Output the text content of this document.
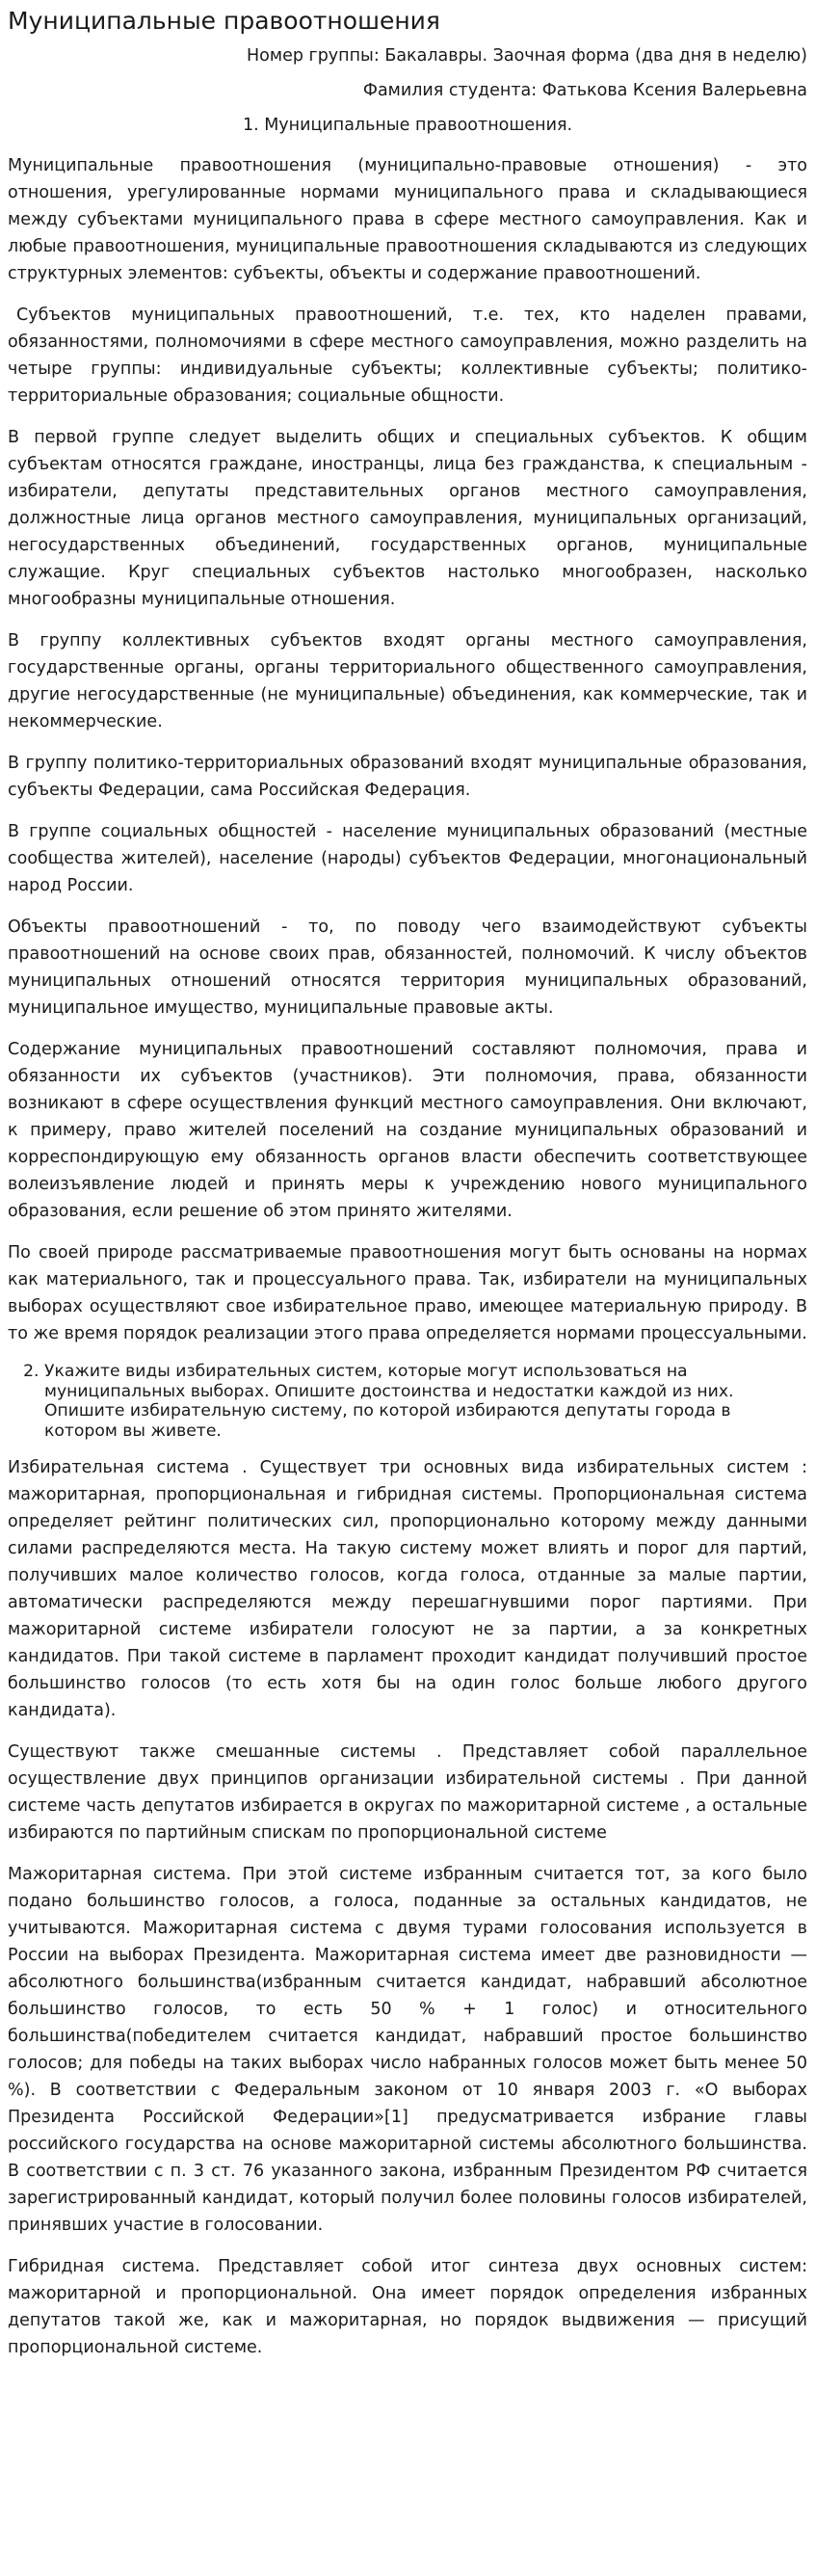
Муниципальные правоотношения
Номер группы: Бакалавры. Заочная форма (два дня в неделю)
Фамилия студента: Фатькова Ксения Валерьевна
1. Муниципальные правоотношения.

Муниципальные правоотношения (муниципально-правовые отношения) - это отношения, урегулированные нормами муниципального права и складывающиеся между субъектами муниципального права в сфере местного самоуправления. Как и любые правоотношения, муниципальные правоотношения складываются из следующих структурных элементов: субъекты, объекты и содержание правоотношений.

Субъектов муниципальных правоотношений, т.е. тех, кто наделен правами, обязанностями, полномочиями в сфере местного самоуправления, можно разделить на четыре группы: индивидуальные субъекты; коллективные субъекты; политико-территориальные образования; социальные общности.

В первой группе следует выделить общих и специальных субъектов. К общим субъектам относятся граждане, иностранцы, лица без гражданства, к специальным - избиратели, депутаты представительных органов местного самоуправления, должностные лица органов местного самоуправления, муниципальных организаций, негосударственных объединений, государственных органов, муниципальные служащие. Круг специальных субъектов настолько многообразен, насколько многообразны муниципальные отношения.

В группу коллективных субъектов входят органы местного самоуправления, государственные органы, органы территориального общественного самоуправления, другие негосударственные (не муниципальные) объединения, как коммерческие, так и некоммерческие.

В группу политико-территориальных образований входят муниципальные образования, субъекты Федерации, сама Российская Федерация.

В группе социальных общностей - население муниципальных образований (местные сообщества жителей), население (народы) субъектов Федерации, многонациональный народ России.

Объекты правоотношений - то, по поводу чего взаимодействуют субъекты правоотношений на основе своих прав, обязанностей, полномочий. К числу объектов муниципальных отношений относятся территория муниципальных образований, муниципальное имущество, муниципальные правовые акты.

Содержание муниципальных правоотношений составляют полномочия, права и обязанности их субъектов (участников). Эти полномочия, права, обязанности возникают в сфере осуществления функций местного самоуправления. Они включают, к примеру, право жителей поселений на создание муниципальных образований и корреспондирующую ему обязанность органов власти обеспечить соответствующее волеизъявление людей и принять меры к учреждению нового муниципального образования, если решение об этом принято жителями.

По своей природе рассматриваемые правоотношения могут быть основаны на нормах как материального, так и процессуального права. Так, избиратели на муниципальных выборах осуществляют свое избирательное право, имеющее материальную природу. В то же время порядок реализации этого права определяется нормами процессуальными.

2. Укажите виды избирательных систем, которые могут использоваться на муниципальных выборах. Опишите достоинства и недостатки каждой из них. Опишите избирательную систему, по которой избираются депутаты города в котором вы живете.

Избирательная система . Существует три основных вида избирательных систем : мажоритарная, пропорциональная и гибридная системы. Пропорциональная система определяет рейтинг политических сил, пропорционально которому между данными силами распределяются места. На такую систему может влиять и порог для партий, получивших малое количество голосов, когда голоса, отданные за малые партии, автоматически распределяются между перешагнувшими порог партиями. При мажоритарной системе избиратели голосуют не за партии, а за конкретных кандидатов. При такой системе в парламент проходит кандидат получивший простое большинство голосов (то есть хотя бы на один голос больше любого другого кандидата).

Существуют также смешанные системы . Представляет собой параллельное осуществление двух принципов организации избирательной системы . При данной системе часть депутатов избирается в округах по мажоритарной системе , а остальные избираются по партийным спискам по пропорциональной системе

Мажоритарная система. При этой системе избранным считается тот, за кого было подано большинство голосов, а голоса, поданные за остальных кандидатов, не учитываются. Мажоритарная система с двумя турами голосования используется в России на выборах Президента. Мажоритарная система имеет две разновидности — абсолютного большинства(избранным считается кандидат, набравший абсолютное большинство голосов, то есть 50 % + 1 голос) и относительного большинства(победителем считается кандидат, набравший простое большинство голосов; для победы на таких выборах число набранных голосов может быть менее 50 %). В соответствии с Федеральным законом от 10 января 2003 г. «О выборах Президента Российской Федерации»[1] предусматривается избрание главы российского государства на основе мажоритарной системы абсолютного большинства. В соответствии с п. 3 ст. 76 указанного закона, избранным Президентом РФ считается зарегистрированный кандидат, который получил более половины голосов избирателей, принявших участие в голосовании.

Гибридная система. Представляет собой итог синтеза двух основных систем: мажоритарной и пропорциональной. Она имеет порядок определения избранных депутатов такой же, как и мажоритарная, но порядок выдвижения — присущий пропорциональной системе.
